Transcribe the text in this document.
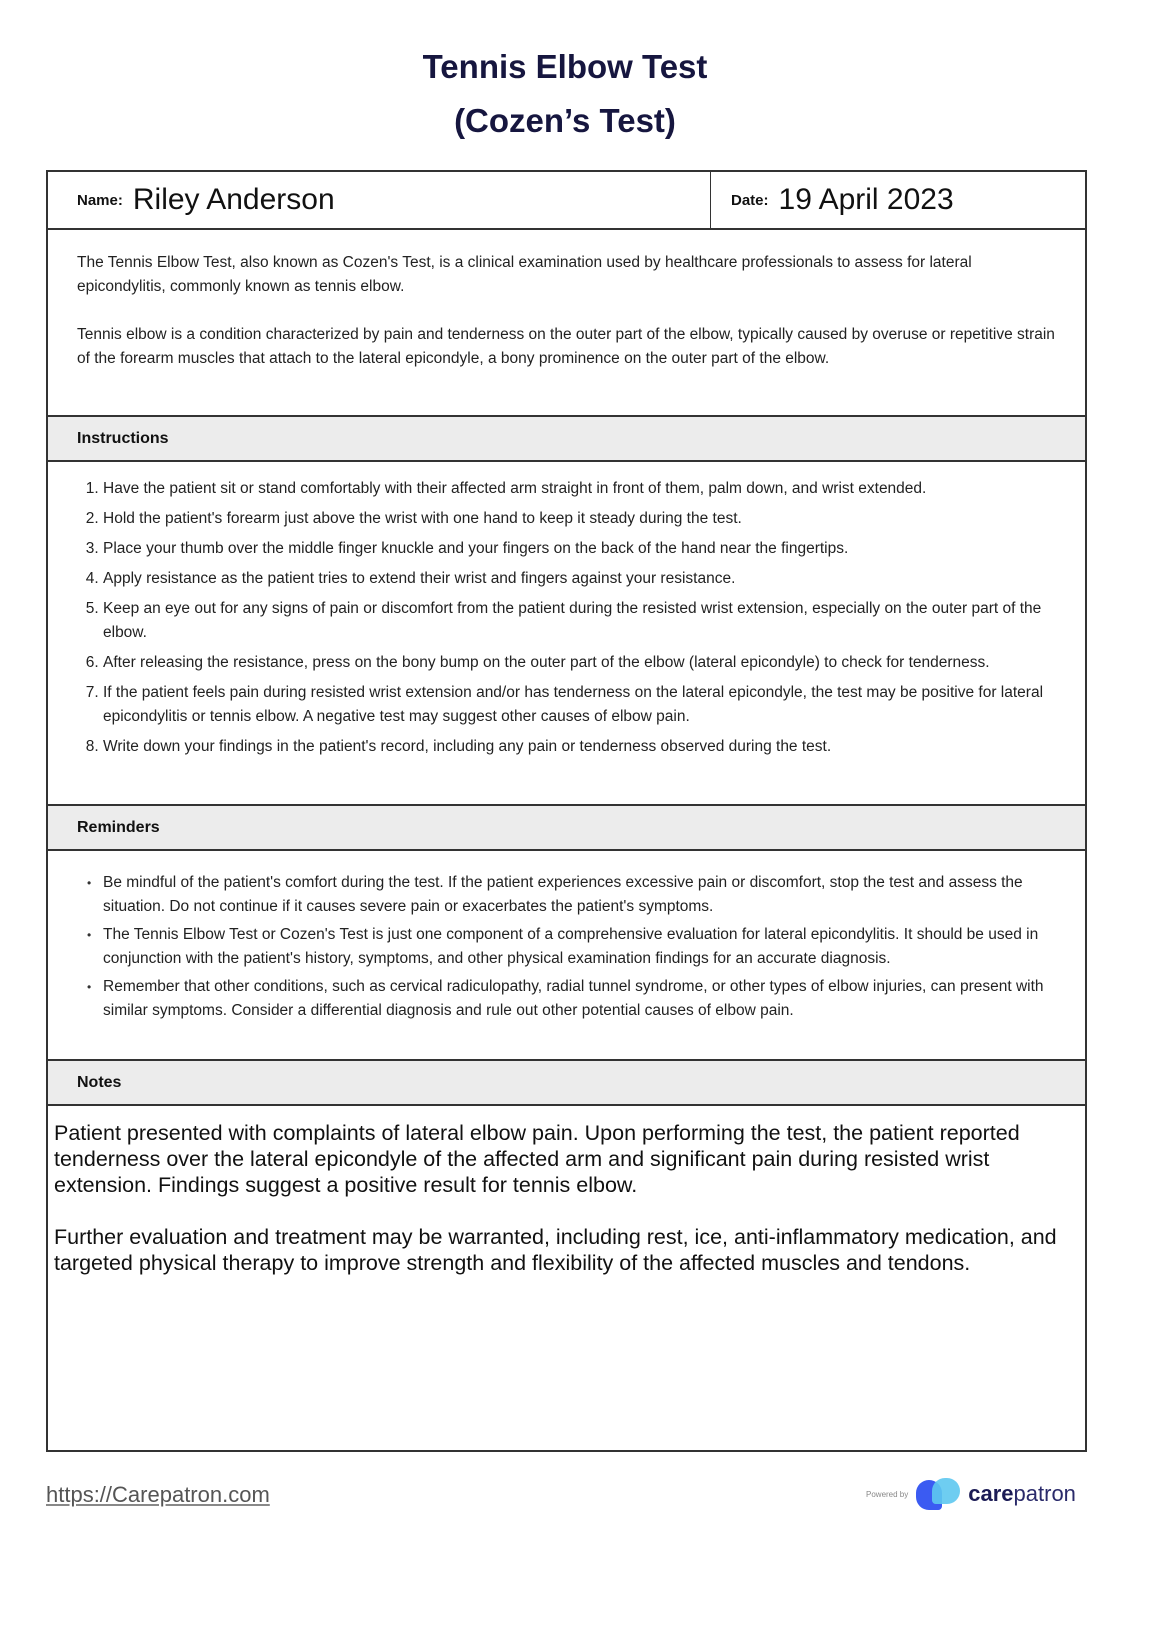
Tennis Elbow Test
(Cozen’s Test)
Name: Riley Anderson	Date: 19 April 2023

The Tennis Elbow Test, also known as Cozen's Test, is a clinical examination used by healthcare professionals to assess for lateral epicondylitis, commonly known as tennis elbow.

Tennis elbow is a condition characterized by pain and tenderness on the outer part of the elbow, typically caused by overuse or repetitive strain of the forearm muscles that attach to the lateral epicondyle, a bony prominence on the outer part of the elbow.

Instructions
1. Have the patient sit or stand comfortably with their affected arm straight in front of them, palm down, and wrist extended.
2. Hold the patient's forearm just above the wrist with one hand to keep it steady during the test.
3. Place your thumb over the middle finger knuckle and your fingers on the back of the hand near the fingertips.
4. Apply resistance as the patient tries to extend their wrist and fingers against your resistance.
5. Keep an eye out for any signs of pain or discomfort from the patient during the resisted wrist extension, especially on the outer part of the elbow.
6. After releasing the resistance, press on the bony bump on the outer part of the elbow (lateral epicondyle) to check for tenderness.
7. If the patient feels pain during resisted wrist extension and/or has tenderness on the lateral epicondyle, the test may be positive for lateral epicondylitis or tennis elbow. A negative test may suggest other causes of elbow pain.
8. Write down your findings in the patient's record, including any pain or tenderness observed during the test.
Reminders
• Be mindful of the patient's comfort during the test. If the patient experiences excessive pain or discomfort, stop the test and assess the situation. Do not continue if it causes severe pain or exacerbates the patient's symptoms.
• The Tennis Elbow Test or Cozen's Test is just one component of a comprehensive evaluation for lateral epicondylitis. It should be used in conjunction with the patient's history, symptoms, and other physical examination findings for an accurate diagnosis.
• Remember that other conditions, such as cervical radiculopathy, radial tunnel syndrome, or other types of elbow injuries, can present with similar symptoms. Consider a differential diagnosis and rule out other potential causes of elbow pain.
Notes

Patient presented with complaints of lateral elbow pain. Upon performing the test, the patient reported tenderness over the lateral epicondyle of the affected arm and significant pain during resisted wrist extension. Findings suggest a positive result for tennis elbow.

Further evaluation and treatment may be warranted, including rest, ice, anti-inflammatory medication, and targeted physical therapy to improve strength and flexibility of the affected muscles and tendons.

https://Carepatron.com	Powered by	carepatron
